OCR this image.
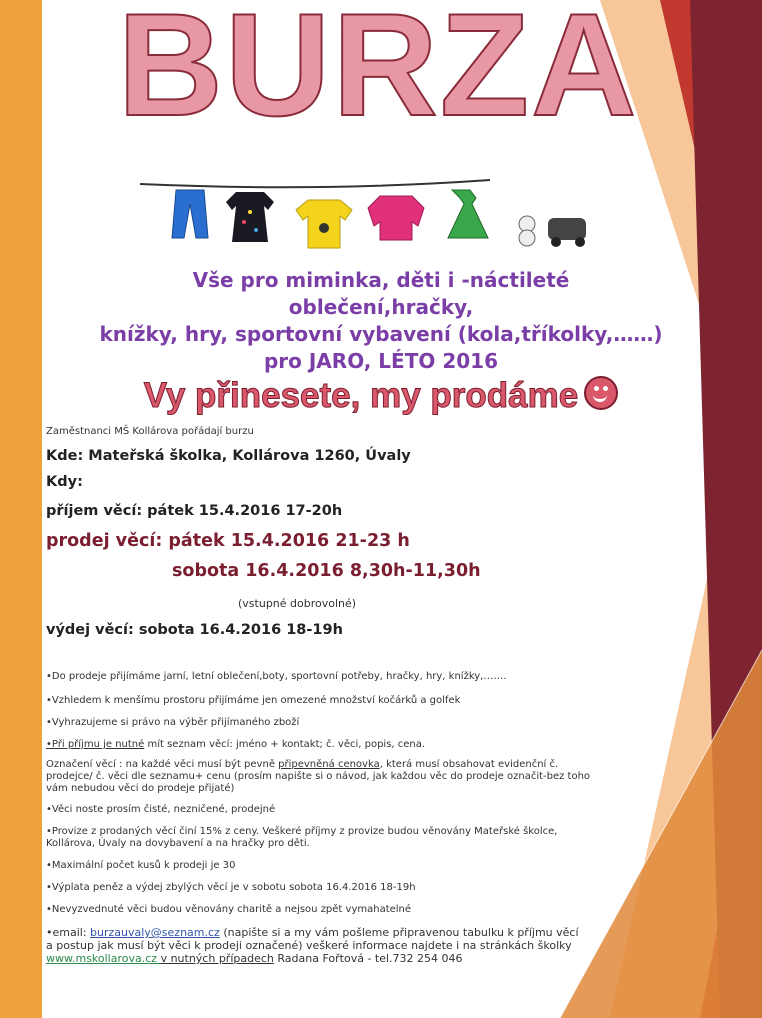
BURZA
Vše pro miminka, děti i -náctileté
oblečení,hračky,
knížky, hry, sportovní vybavení (kola,tříkolky,……)
pro JARO, LÉTO 2016
Vy přinesete, my prodáme
Zaměstnanci MŠ Kollárova pořádají burzu
Kde: Mateřská školka, Kollárova 1260, Úvaly
Kdy:
příjem věcí: pátek 15.4.2016 17-20h
prodej věcí: pátek 15.4.2016 21-23 h
sobota 16.4.2016 8,30h-11,30h
(vstupné dobrovolné)
výdej věcí: sobota 16.4.2016 18-19h
•Do prodeje přijímáme jarní, letní oblečení,boty, sportovní potřeby, hračky, hry, knížky,…….
•Vzhledem k menšímu prostoru přijímáme jen omezené množství kočárků a golfek
•Vyhrazujeme si právo na výběr přijímaného zboží
•Při příjmu je nutné mít seznam věcí: jméno + kontakt; č. věci, popis, cena.
Označení věcí : na každé věci musí být pevně připevněná cenovka, která musí obsahovat evidenční č.
prodejce/ č. věci dle seznamu+ cenu (prosím napište si o návod, jak každou věc do prodeje označit-bez toho
vám nebudou věci do prodeje přijaté)
•Věci noste prosím čisté, nezničené, prodejné
•Provize z prodaných věcí činí 15% z ceny. Veškeré příjmy z provize budou věnovány Mateřské školce,
Kollárova, Úvaly na dovybavení a na hračky pro děti.
•Maximální počet kusů k prodeji je 30
•Výplata peněz a výdej zbylých věcí je v sobotu sobota 16.4.2016 18-19h
•Nevyzvednuté věci budou věnovány charitě a nejsou zpět vymahatelné
•email: burzauvaly@seznam.cz (napište si a my vám pošleme připravenou tabulku k příjmu věcí
a postup jak musí být věci k prodeji označené) veškeré informace najdete i na stránkách školky
www.mskollarova.cz v nutných případech Radana Fořtová - tel.732 254 046
